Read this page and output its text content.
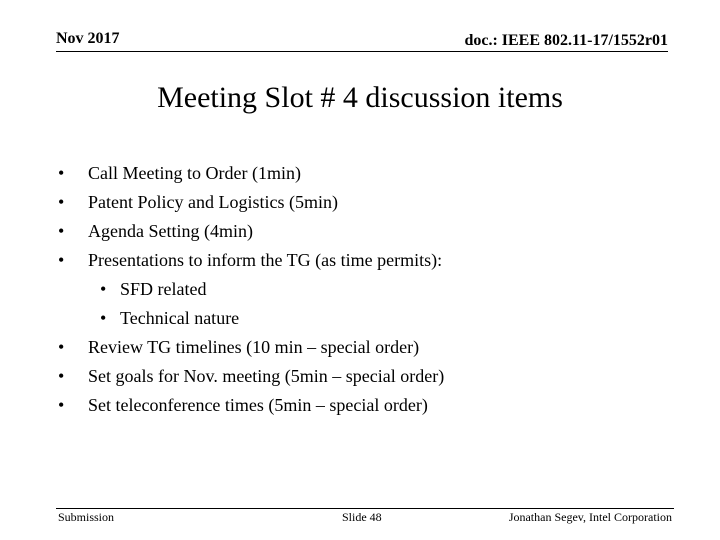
Nov 2017	doc.: IEEE 802.11-17/1552r01
Meeting Slot # 4 discussion items
•	Call Meeting to Order (1min)
•	Patent Policy and Logistics (5min)
•	Agenda Setting (4min)
•	Presentations to inform the TG (as time permits):
• SFD related
• Technical nature
•	Review TG timelines (10 min – special order)
•	Set goals for Nov. meeting (5min – special order)
•	Set teleconference times (5min – special order)
Submission	Slide 48	Jonathan Segev, Intel Corporation
